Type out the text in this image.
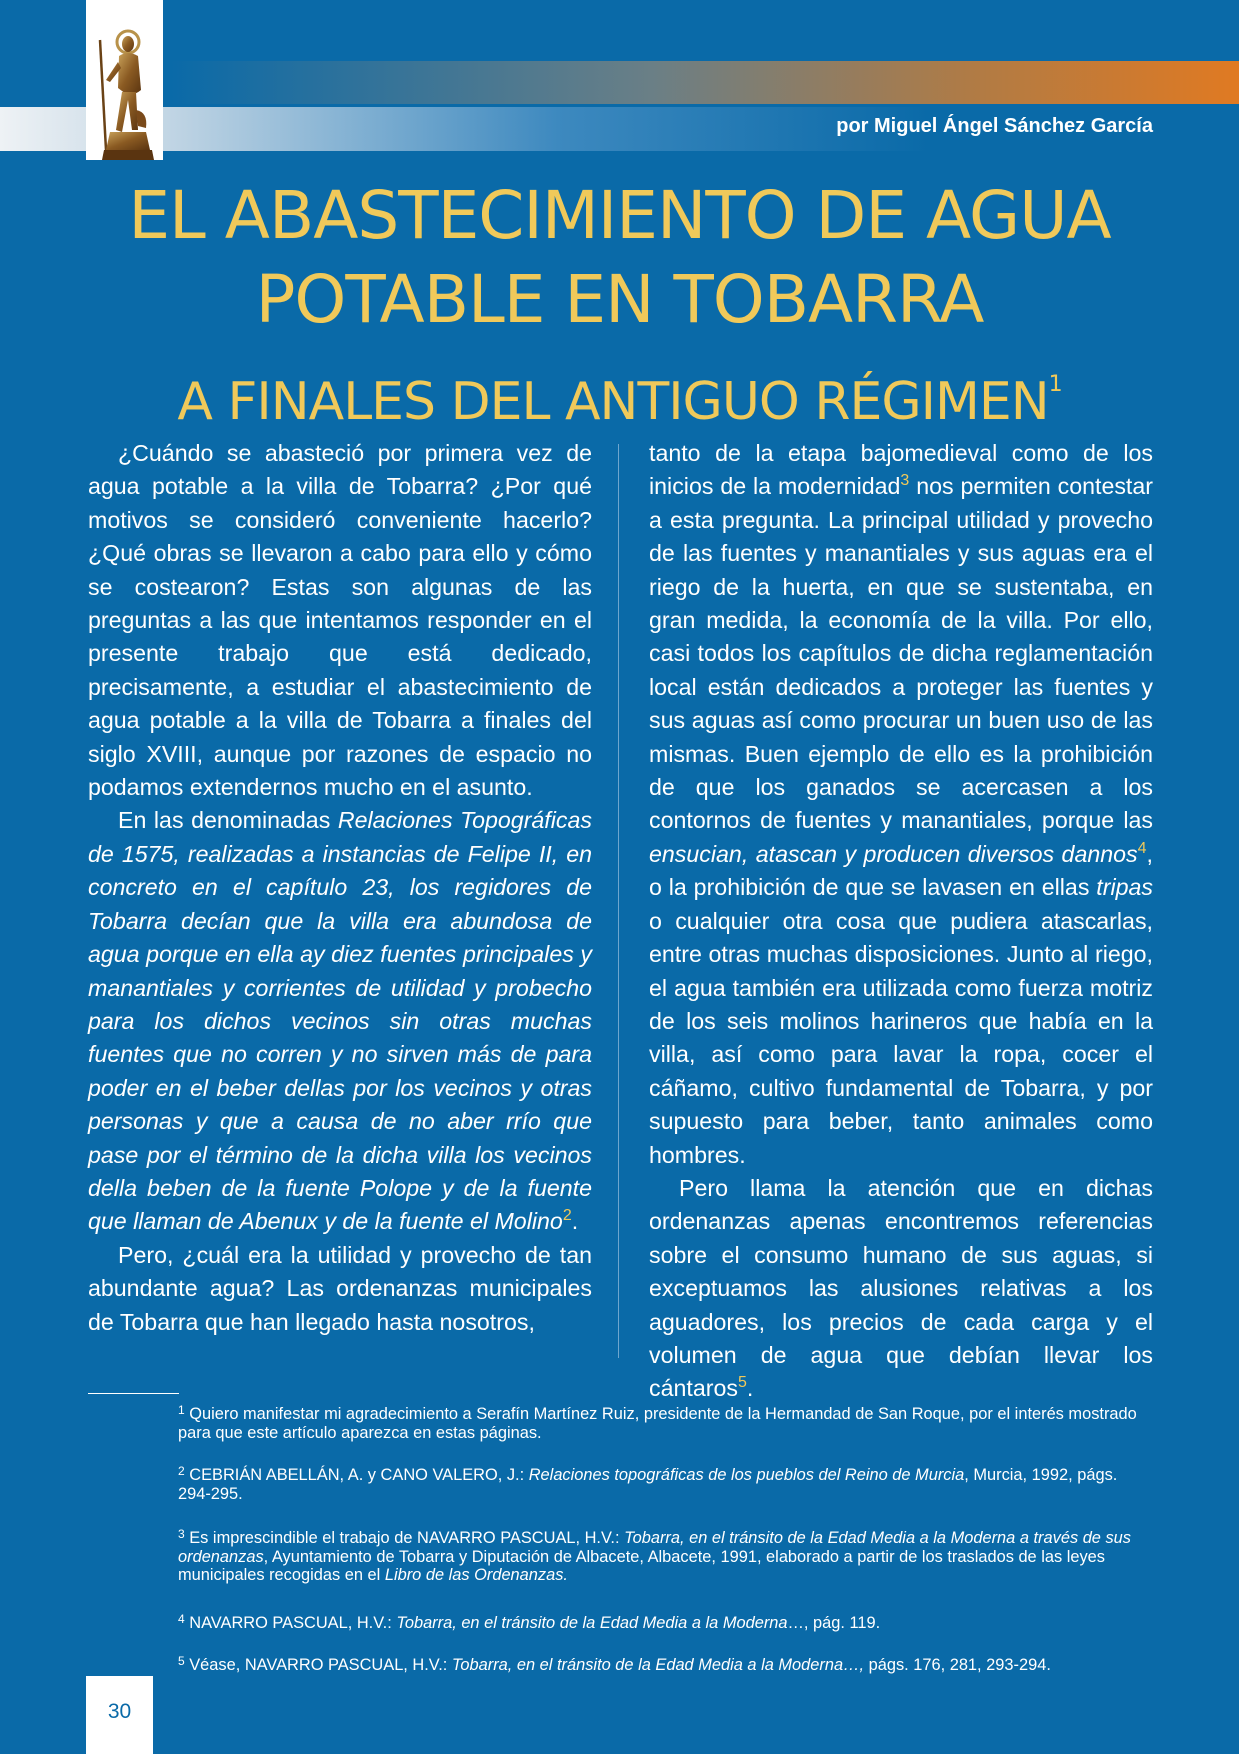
por Miguel Ángel Sánchez García
EL ABASTECIMIENTO DE AGUA
POTABLE EN TOBARRA
A FINALES DEL ANTIGUO RÉGIMEN$^1$

¿Cuándo se abasteció por primera vez de agua potable a la villa de Tobarra? ¿Por qué motivos se consideró conveniente hacerlo? ¿Qué obras se llevaron a cabo para ello y cómo se costearon? Estas son algunas de las preguntas a las que intentamos responder en el presente trabajo que está dedicado, precisamente, a estudiar el abastecimiento de agua potable a la villa de Tobarra a finales del siglo XVIII, aunque por razones de espacio no podamos extendernos mucho en el asunto.

En las denominadas Relaciones Topográficas de 1575, realizadas a instancias de Felipe II, en concreto en el capítulo 23, los regidores de Tobarra decían que la villa era abundosa de agua porque en ella ay diez fuentes principales y manantiales y corrientes de utilidad y probecho para los dichos vecinos sin otras muchas fuentes que no corren y no sirven más de para poder en el beber dellas por los vecinos y otras personas y que a causa de no aber rrío que pase por el término de la dicha villa los vecinos della beben de la fuente Polope y de la fuente que llaman de Abenux y de la fuente el Molino$^2$.

Pero, ¿cuál era la utilidad y provecho de tan abundante agua? Las ordenanzas municipales de Tobarra que han llegado hasta nosotros,

tanto de la etapa bajomedieval como de los inicios de la modernidad$^3$ nos permiten contestar a esta pregunta. La principal utilidad y provecho de las fuentes y manantiales y sus aguas era el riego de la huerta, en que se sustentaba, en gran medida, la economía de la villa. Por ello, casi todos los capítulos de dicha reglamentación local están dedicados a proteger las fuentes y sus aguas así como procurar un buen uso de las mismas. Buen ejemplo de ello es la prohibición de que los ganados se acercasen a los contornos de fuentes y manantiales, porque las ensucian, atascan y producen diversos dannos$^4$, o la prohibición de que se lavasen en ellas tripas o cualquier otra cosa que pudiera atascarlas, entre otras muchas disposiciones. Junto al riego, el agua también era utilizada como fuerza motriz de los seis molinos harineros que había en la villa, así como para lavar la ropa, cocer el cáñamo, cultivo fundamental de Tobarra, y por supuesto para beber, tanto animales como hombres.

Pero llama la atención que en dichas ordenanzas apenas encontremos referencias sobre el consumo humano de sus aguas, si exceptuamos las alusiones relativas a los aguadores, los precios de cada carga y el volumen de agua que debían llevar los cántaros$^5$.

$^1$ Quiero manifestar mi agradecimiento a Serafín Martínez Ruiz, presidente de la Hermandad de San Roque, por el interés mostrado para que este artículo aparezca en estas páginas.
$^2$ CEBRIÁN ABELLÁN, A. y CANO VALERO, J.: Relaciones topográficas de los pueblos del Reino de Murcia, Murcia, 1992, págs. 294-295.
$^3$ Es imprescindible el trabajo de NAVARRO PASCUAL, H.V.: Tobarra, en el tránsito de la Edad Media a la Moderna a través de sus ordenanzas, Ayuntamiento de Tobarra y Diputación de Albacete, Albacete, 1991, elaborado a partir de los traslados de las leyes municipales recogidas en el Libro de las Ordenanzas.
$^4$ NAVARRO PASCUAL, H.V.: Tobarra, en el tránsito de la Edad Media a la Moderna…, pág. 119.
$^5$ Véase, NAVARRO PASCUAL, H.V.: Tobarra, en el tránsito de la Edad Media a la Moderna…, págs. 176, 281, 293-294.
30
